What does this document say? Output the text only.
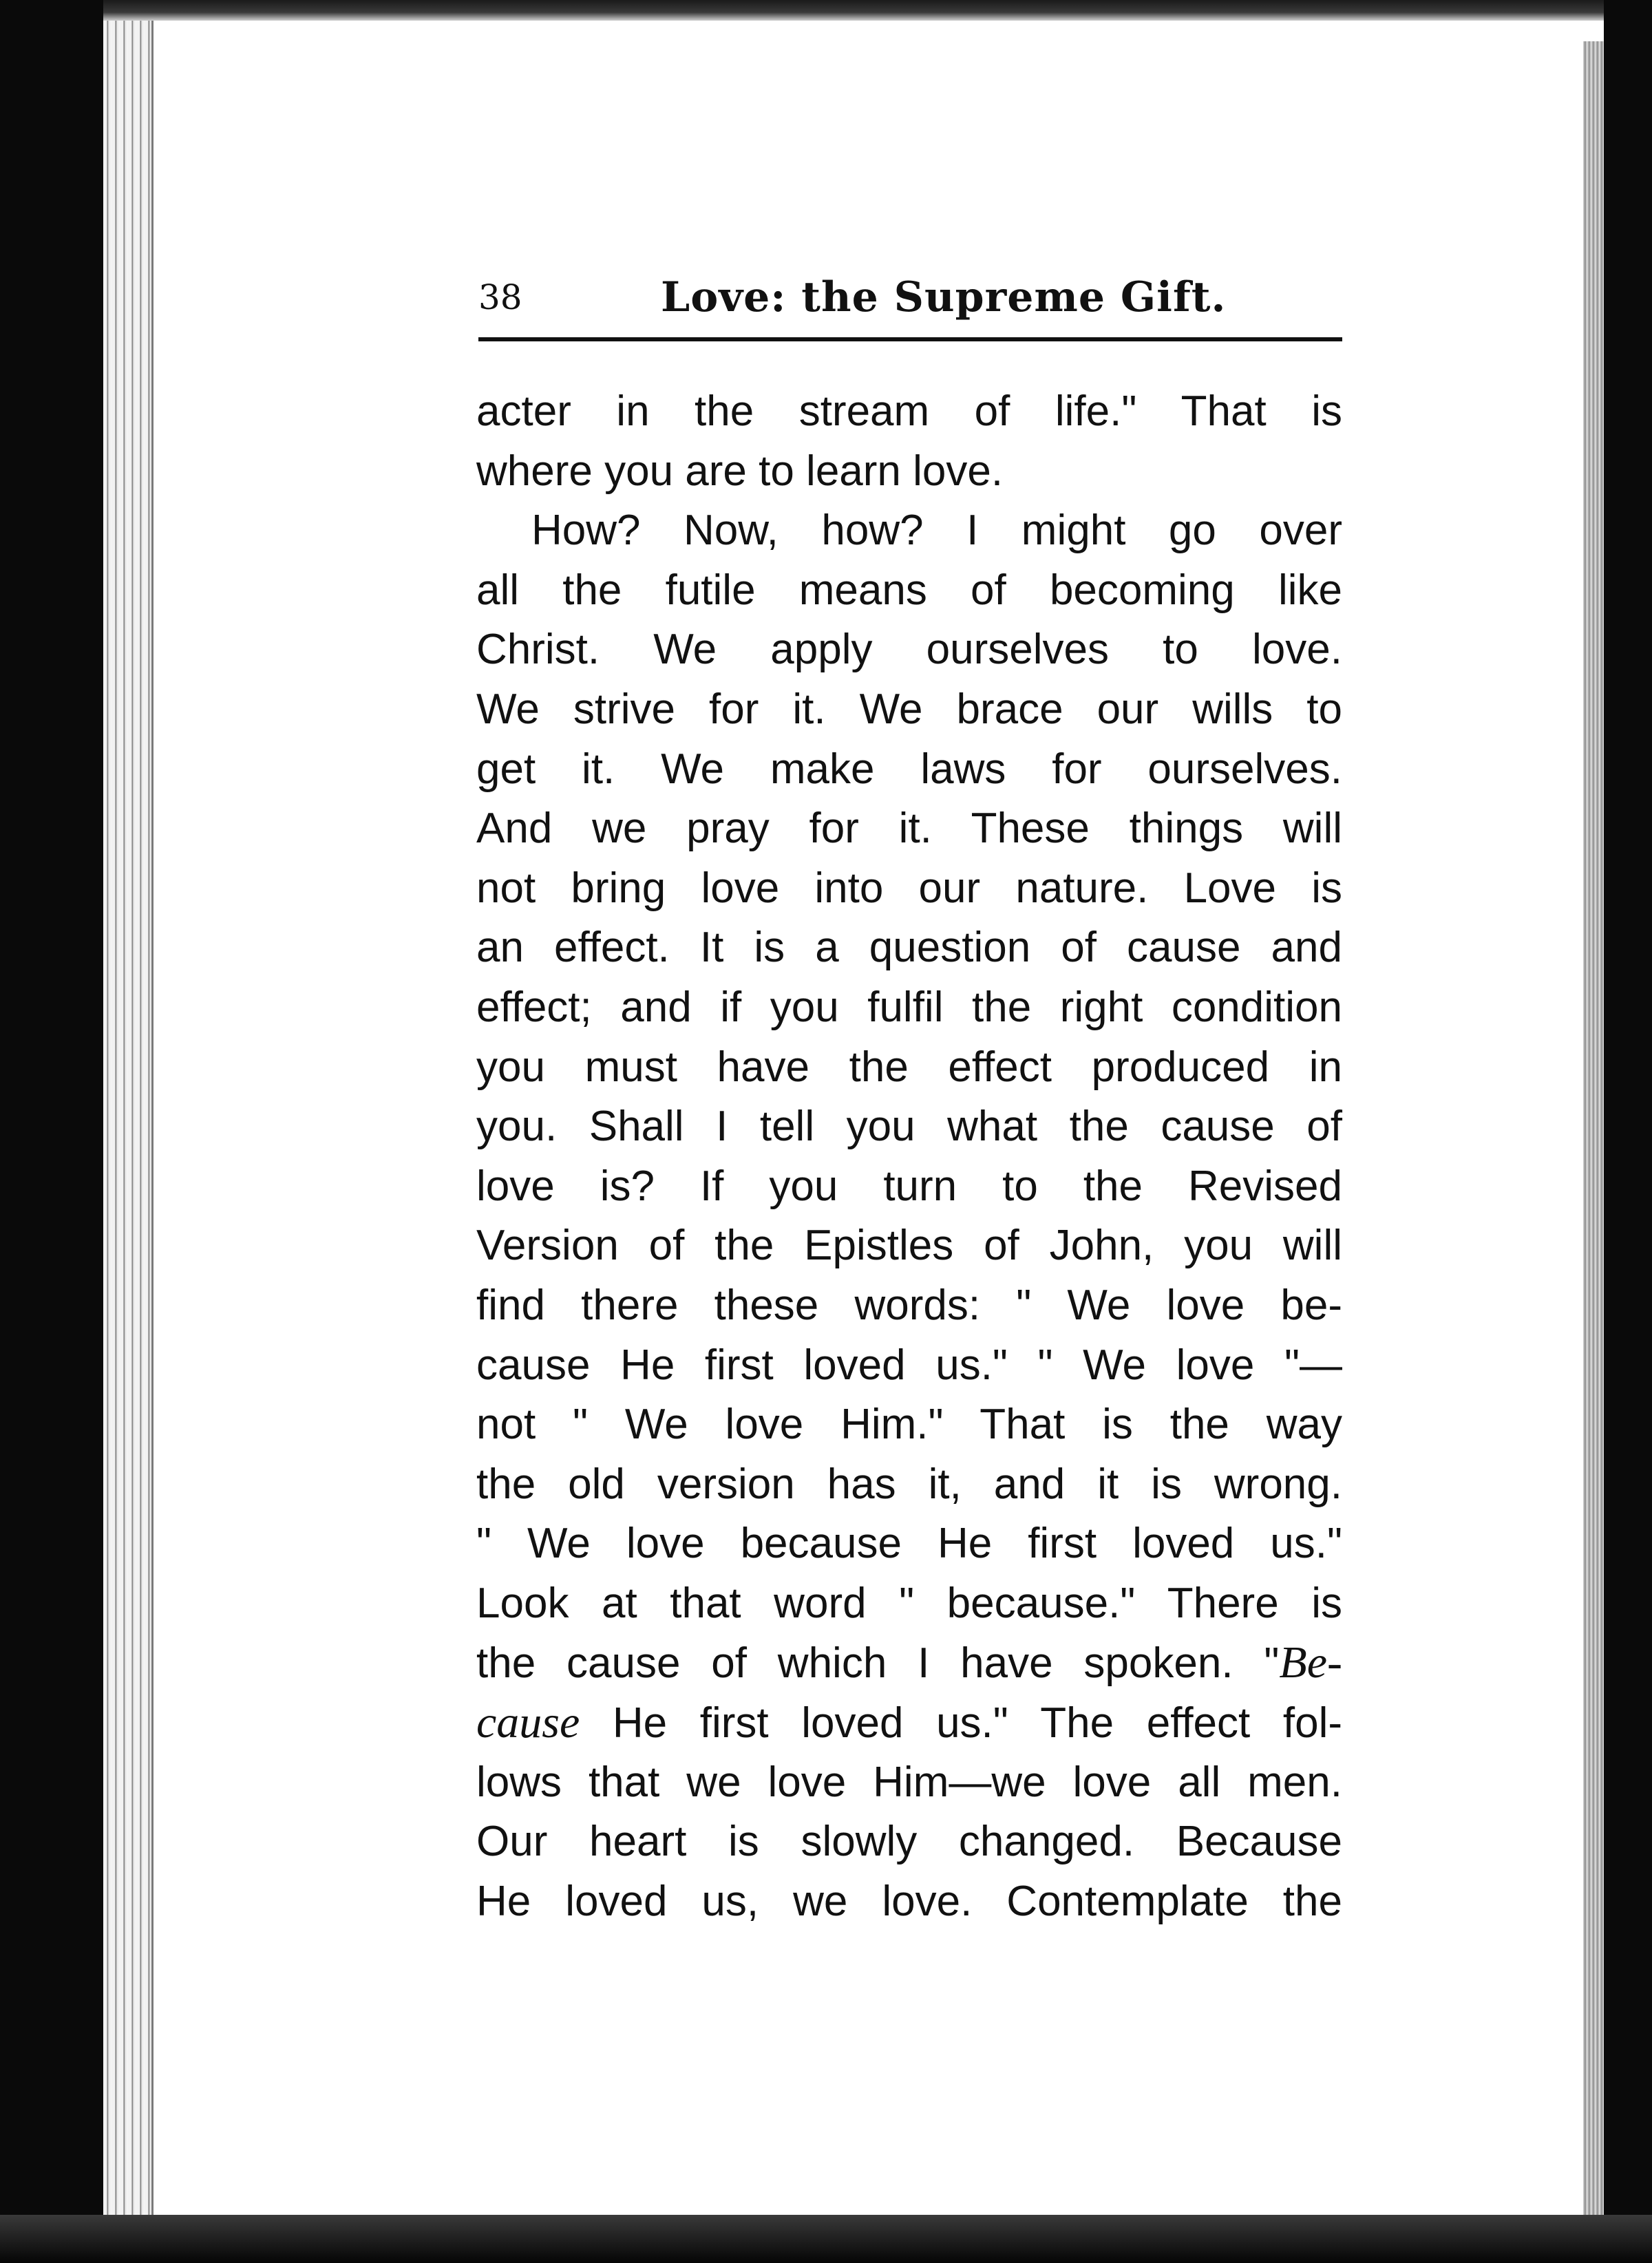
38	Love: the Supreme Gift.
acter in the stream of life." That is
where you are to learn love.
How? Now, how? I might go over
all the futile means of becoming like
Christ. We apply ourselves to love.
We strive for it. We brace our wills to
get it. We make laws for ourselves.
And we pray for it. These things will
not bring love into our nature. Love is
an effect. It is a question of cause and
effect; and if you fulfil the right condition
you must have the effect produced in
you. Shall I tell you what the cause of
love is? If you turn to the Revised
Version of the Epistles of John, you will
find there these words: " We love be-
cause He first loved us." " We love "—
not " We love Him." That is the way
the old version has it, and it is wrong.
" We love because He first loved us."
Look at that word " because." There is
the cause of which I have spoken. "Be-
cause He first loved us." The effect fol-
lows that we love Him—we love all men.
Our heart is slowly changed. Because
He loved us, we love. Contemplate the
